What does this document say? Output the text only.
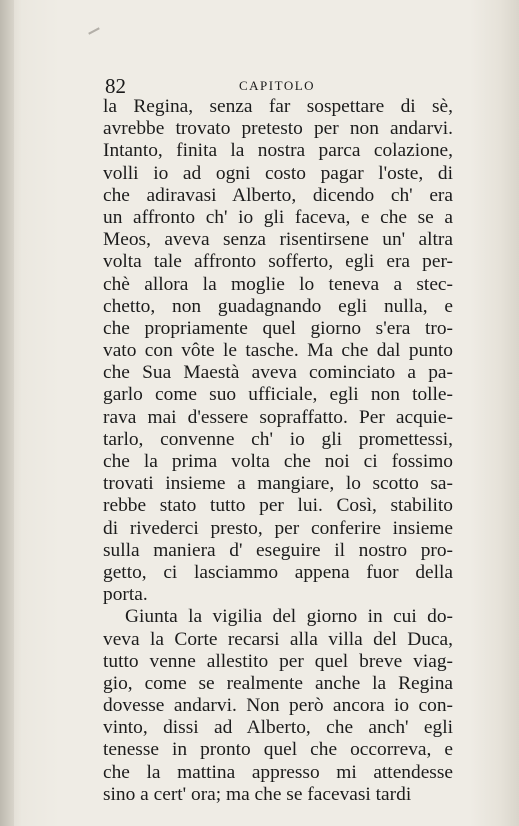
82	CAPITOLO
la Regina, senza far sospettare di sè,
avrebbe trovato pretesto per non andarvi.
Intanto, finita la nostra parca colazione,
volli io ad ogni costo pagar l'oste, di
che adiravasi Alberto, dicendo ch' era
un affronto ch' io gli faceva, e che se a
Meos, aveva senza risentirsene un' altra
volta tale affronto sofferto, egli era per-
chè allora la moglie lo teneva a stec-
chetto, non guadagnando egli nulla, e
che propriamente quel giorno s'era tro-
vato con vôte le tasche. Ma che dal punto
che Sua Maestà aveva cominciato a pa-
garlo come suo ufficiale, egli non tolle-
rava mai d'essere sopraffatto. Per acquie-
tarlo, convenne ch' io gli promettessi,
che la prima volta che noi ci fossimo
trovati insieme a mangiare, lo scotto sa-
rebbe stato tutto per lui. Così, stabilito
di rivederci presto, per conferire insieme
sulla maniera d' eseguire il nostro pro-
getto, ci lasciammo appena fuor della
porta.
Giunta la vigilia del giorno in cui do-
veva la Corte recarsi alla villa del Duca,
tutto venne allestito per quel breve viag-
gio, come se realmente anche la Regina
dovesse andarvi. Non però ancora io con-
vinto, dissi ad Alberto, che anch' egli
tenesse in pronto quel che occorreva, e
che la mattina appresso mi attendesse
sino a cert' ora; ma che se facevasi tardi
